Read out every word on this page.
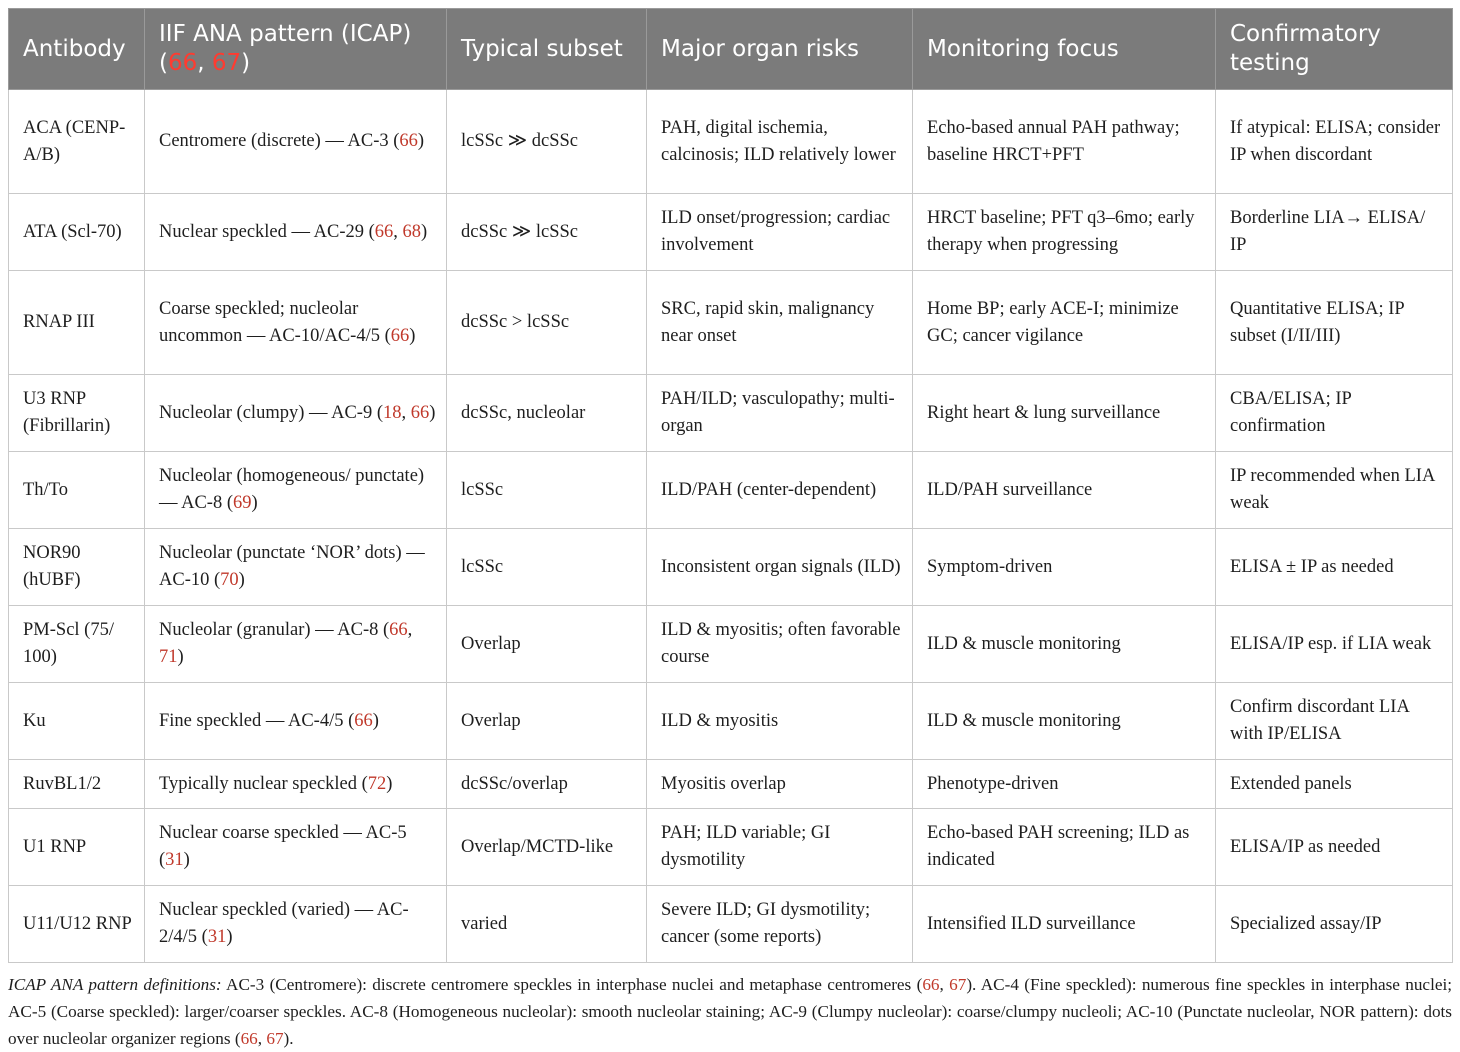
Antibody	IIF ANA pattern (ICAP) (66, 67)	Typical subset	Major organ risks	Monitoring focus	Confirmatory testing
ACA (CENP-A/B)	Centromere (discrete) — AC-3 (66)	lcSSc ≫ dcSSc	PAH, digital ischemia, calcinosis; ILD relatively lower	Echo-based annual PAH pathway; baseline HRCT+PFT	If atypical: ELISA; consider IP when discordant
ATA (Scl-70)	Nuclear speckled — AC-29 (66, 68)	dcSSc ≫ lcSSc	ILD onset/progression; cardiac involvement	HRCT baseline; PFT q3–6mo; early therapy when progressing	Borderline LIA→ ELISA/ IP
RNAP III	Coarse speckled; nucleolar uncommon — AC-10/AC-4/5 (66)	dcSSc > lcSSc	SRC, rapid skin, malignancy near onset	Home BP; early ACE-I; minimize GC; cancer vigilance	Quantitative ELISA; IP subset (I/II/III)
U3 RNP (Fibrillarin)	Nucleolar (clumpy) — AC-9 (18, 66)	dcSSc, nucleolar	PAH/ILD; vasculopathy; multi-organ	Right heart & lung surveillance	CBA/ELISA; IP confirmation
Th/To	Nucleolar (homogeneous/ punctate) — AC-8 (69)	lcSSc	ILD/PAH (center-dependent)	ILD/PAH surveillance	IP recommended when LIA weak
NOR90 (hUBF)	Nucleolar (punctate ‘NOR’ dots) — AC-10 (70)	lcSSc	Inconsistent organ signals (ILD)	Symptom-driven	ELISA ± IP as needed
PM-Scl (75/ 100)	Nucleolar (granular) — AC-8 (66, 71)	Overlap	ILD & myositis; often favorable course	ILD & muscle monitoring	ELISA/IP esp. if LIA weak
Ku	Fine speckled — AC-4/5 (66)	Overlap	ILD & myositis	ILD & muscle monitoring	Confirm discordant LIA with IP/ELISA
RuvBL1/2	Typically nuclear speckled (72)	dcSSc/overlap	Myositis overlap	Phenotype-driven	Extended panels
U1 RNP	Nuclear coarse speckled — AC-5 (31)	Overlap/MCTD-like	PAH; ILD variable; GI dysmotility	Echo-based PAH screening; ILD as indicated	ELISA/IP as needed
U11/U12 RNP	Nuclear speckled (varied) — AC-2/4/5 (31)	varied	Severe ILD; GI dysmotility; cancer (some reports)	Intensified ILD surveillance	Specialized assay/IP
ICAP ANA pattern definitions: AC-3 (Centromere): discrete centromere speckles in interphase nuclei and metaphase centromeres (66, 67). AC-4 (Fine speckled): numerous fine speckles in interphase nuclei; AC-5 (Coarse speckled): larger/coarser speckles. AC-8 (Homogeneous nucleolar): smooth nucleolar staining; AC-9 (Clumpy nucleolar): coarse/clumpy nucleoli; AC-10 (Punctate nucleolar, NOR pattern): dots over nucleolar organizer regions (66, 67).
